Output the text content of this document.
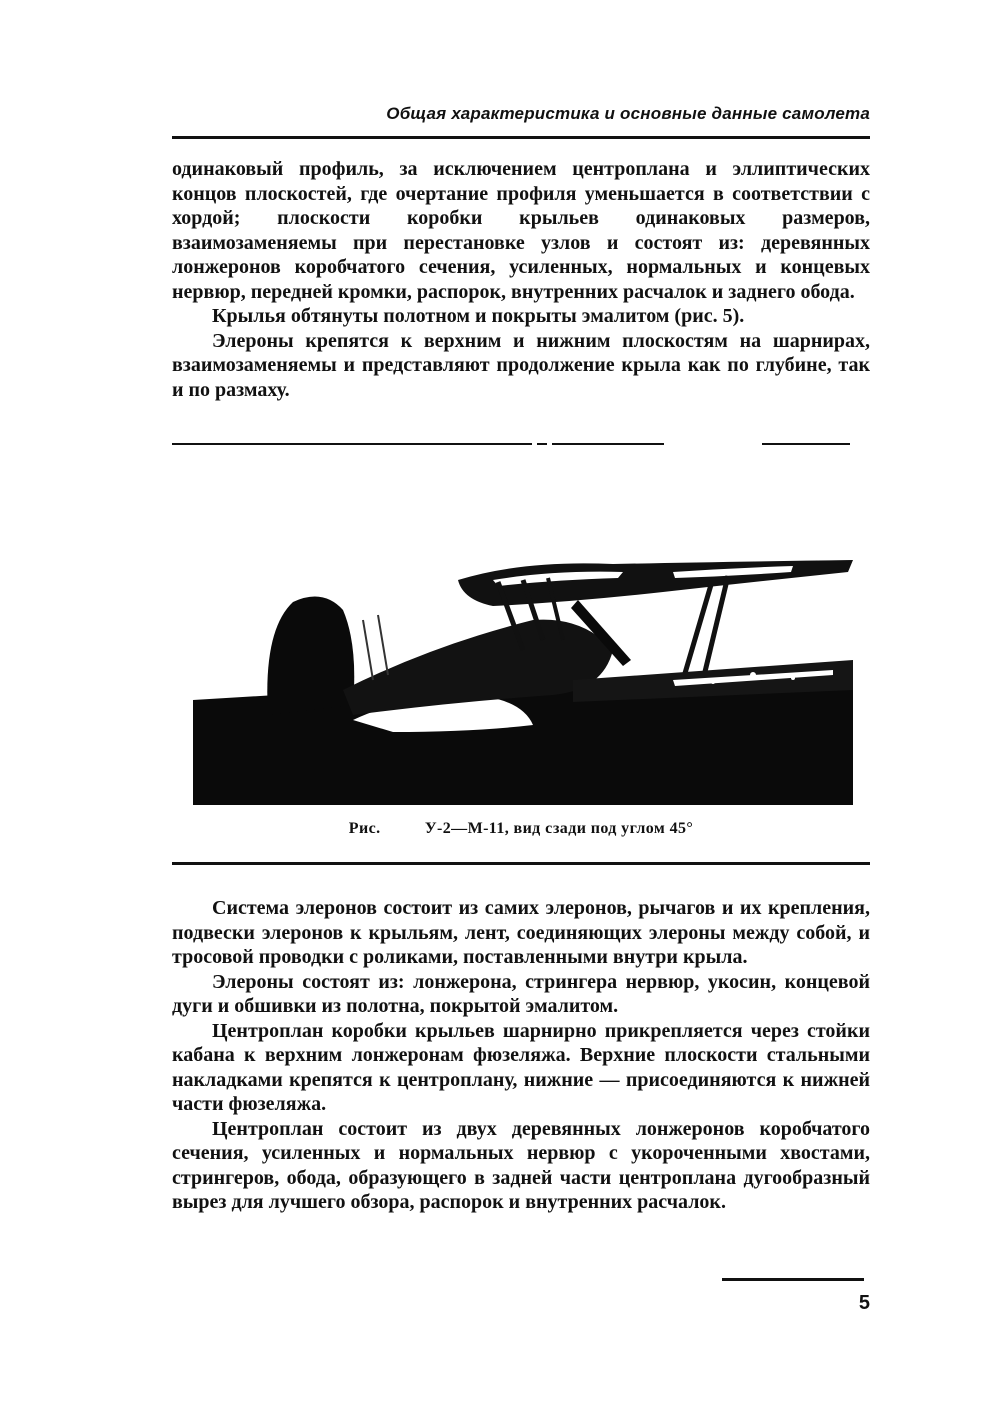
Общая характеристика и основные данные самолета

одинаковый профиль, за исключением центроплана и эллиптических концов плоскостей, где очертание профиля уменьшается в соответствии с хордой; плоскости коробки крыльев одинаковых размеров, взаимозаменяемы при перестановке узлов и состоят из: деревянных лонжеронов коробчатого сечения, усиленных, нормальных и концевых нервюр, передней кромки, распорок, внутренних расчалок и заднего обода.

Крылья обтянуты полотном и покрыты эмалитом (рис. 5).

Элероны крепятся к верхним и нижним плоскостям на шарнирах, взаимозаменяемы и представляют продолжение крыла как по глубине, так и по размаху.

Рис.	У-2—М-11, вид сзади под углом 45°

Система элеронов состоит из самих элеронов, рычагов и их крепления, подвески элеронов к крыльям, лент, соединяющих элероны между собой, и тросовой проводки с роликами, поставленными внутри крыла.

Элероны состоят из: лонжерона, стрингера нервюр, укосин, концевой дуги и обшивки из полотна, покрытой эмалитом.

Центроплан коробки крыльев шарнирно прикрепляется через стойки кабана к верхним лонжеронам фюзеляжа. Верхние плоскости стальными накладками крепятся к центроплану, нижние — присоединяются к нижней части фюзеляжа.

Центроплан состоит из двух деревянных лонжеронов коробчатого сечения, усиленных и нормальных нервюр с укороченными хвостами, стрингеров, обода, образующего в задней части центроплана дугообразный вырез для лучшего обзора, распорок и внутренних расчалок.

5
